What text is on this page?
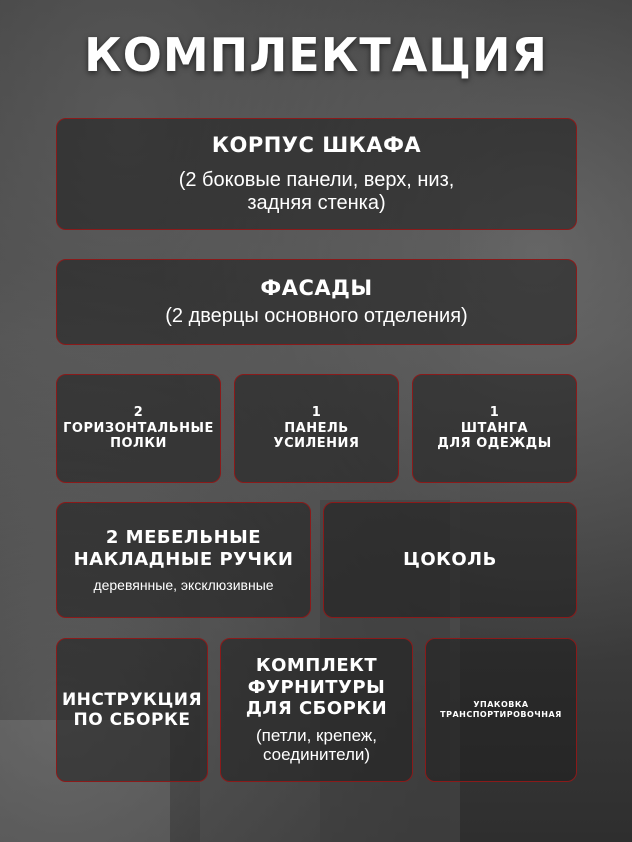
КОМПЛЕКТАЦИЯ
КОРПУС ШКАФА
(2 боковые панели, верх, низ,
задняя стенка)
ФАСАДЫ
(2 дверцы основного отделения)
2
ГОРИЗОНТАЛЬНЫЕ
ПОЛКИ
1
ПАНЕЛЬ
УСИЛЕНИЯ
1
ШТАНГА
ДЛЯ ОДЕЖДЫ
2 МЕБЕЛЬНЫЕ
НАКЛАДНЫЕ РУЧКИ
деревянные, эксклюзивные
ЦОКОЛЬ
ИНСТРУКЦИЯ
ПО СБОРКЕ
КОМПЛЕКТ
ФУРНИТУРЫ
ДЛЯ СБОРКИ
(петли, крепеж,
соединители)
УПАКОВКА
ТРАНСПОРТИРОВОЧНАЯ
